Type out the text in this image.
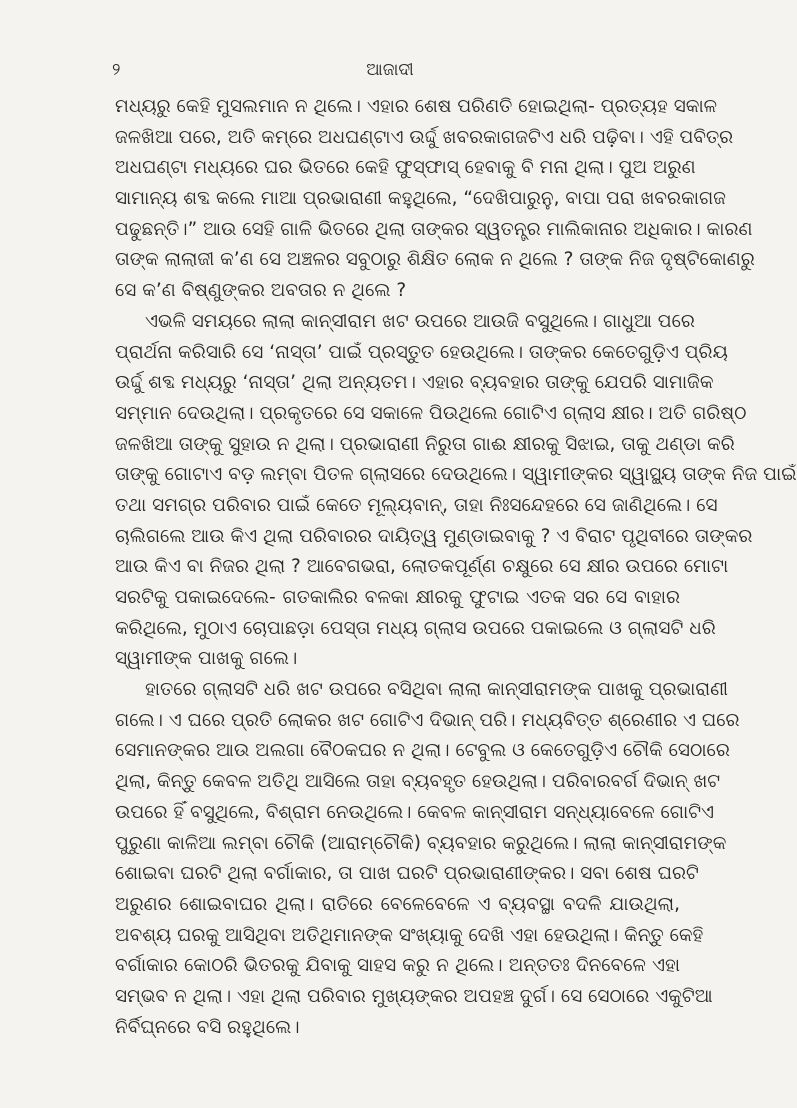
୨	ଆଜାଦୀ
ମଧ୍ୟରୁ କେହି ମୁସଲମାନ ନ ଥିଲେ। ଏହାର ଶେଷ ପରିଣତି ହୋଇଥିଲା- ପ୍ରତ୍ୟହ ସକାଳ
ଜଳଖିଆ ପରେ, ଅତି କମ୍‌ରେ ଅଧଘଣ୍ଟାଏ ଉର୍ଦ୍ଦୁ ଖବରକାଗଜଟିଏ ଧରି ପଢ଼ିବା। ଏହି ପବିତ୍ର
ଅଧଘଣ୍ଟା ମଧ୍ୟରେ ଘର ଭିତରେ କେହି ଫୁସ୍‌ଫାସ୍ ହେବାକୁ ବି ମନା ଥିଲା। ପୁଅ ଅରୁଣ
ସାମାନ୍ୟ ଶବ୍ଦ କଲେ ମାଆ ପ୍ରଭାରାଣୀ କହୁଥିଲେ, “ଦେଖିପାରୁନୁ, ବାପା ପରା ଖବରକାଗଜ
ପଢୁଛନ୍ତି।” ଆଉ ସେହି ଗାଳି ଭିତରେ ଥିଲା ତାଙ୍କର ସ୍ୱତନ୍ତ୍ର ମାଲିକାନାର ଅଧିକାର। କାରଣ
ତାଙ୍କ ଲାଲାଜୀ କ’ଣ ସେ ଅଞ୍ଚଳର ସବୁଠାରୁ ଶିକ୍ଷିତ ଲୋକ ନ ଥିଲେ ? ତାଙ୍କ ନିଜ ଦୃଷ୍ଟିକୋଣରୁ
ସେ କ’ଣ ବିଷ୍ଣୁଙ୍କର ଅବତାର ନ ଥିଲେ ?
ଏଭଳି ସମୟରେ ଲାଲା କାନ୍‌ସୀରାମ ଖଟ ଉପରେ ଆଉଜି ବସୁଥିଲେ। ଗାଧୁଆ ପରେ
ପ୍ରାର୍ଥନା କରିସାରି ସେ ‘ନାସ୍ତା’ ପାଇଁ ପ୍ରସ୍ତୁତ ହେଉଥିଲେ। ତାଙ୍କର କେତେଗୁଡ଼ିଏ ପ୍ରିୟ
ଉର୍ଦ୍ଦୁ ଶବ୍ଦ ମଧ୍ୟରୁ ‘ନାସ୍ତା’ ଥିଲା ଅନ୍ୟତମ। ଏହାର ବ୍ୟବହାର ତାଙ୍କୁ ଯେପରି ସାମାଜିକ
ସମ୍ମାନ ଦେଉଥିଲା। ପ୍ରକୃତରେ ସେ ସକାଳେ ପିଉଥିଲେ ଗୋଟିଏ ଗ୍ଲାସ କ୍ଷୀର। ଅତି ଗରିଷ୍ଠ
ଜଳଖିଆ ତାଙ୍କୁ ସୁହାଉ ନ ଥିଲା। ପ୍ରଭାରାଣୀ ନିରୁତା ଗାଈ କ୍ଷୀରକୁ ସିଝାଇ, ତାକୁ ଥଣ୍ଡା କରି
ତାଙ୍କୁ ଗୋଟାଏ ବଡ଼ ଲମ୍ବା ପିତଳ ଗ୍ଲାସରେ ଦେଉଥିଲେ। ସ୍ୱାମୀଙ୍କର ସ୍ୱାସ୍ଥ୍ୟ ତାଙ୍କ ନିଜ ପାଇଁ
ତଥା ସମଗ୍ର ପରିବାର ପାଇଁ କେତେ ମୂଲ୍ୟବାନ୍, ତାହା ନିଃସନ୍ଦେହରେ ସେ ଜାଣିଥିଲେ। ସେ
ଚାଲିଗଲେ ଆଉ କିଏ ଥିଲା ପରିବାରର ଦାୟିତ୍ୱ ମୁଣ୍ଡାଇବାକୁ ? ଏ ବିରାଟ ପୃଥିବୀରେ ତାଙ୍କର
ଆଉ କିଏ ବା ନିଜର ଥିଲା ? ଆବେଗଭରା, ଲୋତକପୂର୍ଣ୍ଣ ଚକ୍ଷୁରେ ସେ କ୍ଷୀର ଉପରେ ମୋଟା
ସରଟିକୁ ପକାଇଦେଲେ- ଗତକାଲିର ବଳକା କ୍ଷୀରକୁ ଫୁଟାଇ ଏତକ ସର ସେ ବାହାର
କରିଥିଲେ, ମୁଠାଏ ଚୋପାଛଡ଼ା ପେସ୍ତା ମଧ୍ୟ ଗ୍ଲାସ ଉପରେ ପକାଇଲେ ଓ ଗ୍ଲାସଟି ଧରି
ସ୍ୱାମୀଙ୍କ ପାଖକୁ ଗଲେ।
ହାତରେ ଗ୍ଲାସଟି ଧରି ଖଟ ଉପରେ ବସିଥିବା ଲାଲା କାନ୍‌ସୀରାମଙ୍କ ପାଖକୁ ପ୍ରଭାରାଣୀ
ଗଲେ। ଏ ଘରେ ପ୍ରତି ଲୋକର ଖଟ ଗୋଟିଏ ଦିଭାନ୍ ପରି। ମଧ୍ୟବିତ୍ତ ଶ୍ରେଣୀର ଏ ଘରେ
ସେମାନଙ୍କର ଆଉ ଅଲଗା ବୈଠକଘର ନ ଥିଲା। ଟେବୁଲ ଓ କେତେଗୁଡ଼ିଏ ଚୌକି ସେଠାରେ
ଥିଲା, କିନ୍ତୁ କେବଳ ଅତିଥି ଆସିଲେ ତାହା ବ୍ୟବହୃତ ହେଉଥିଲା। ପରିବାରବର୍ଗ ଦିଭାନ୍ ଖଟ
ଉପରେ ହିଁ ବସୁଥିଲେ, ବିଶ୍ରାମ ନେଉଥିଲେ। କେବଳ କାନ୍‌ସୀରାମ ସନ୍ଧ୍ୟାବେଳେ ଗୋଟିଏ
ପୁରୁଣା କାଳିଆ ଲମ୍ବା ଚୌକି (ଆରାମ୍‌ଚୌକି) ବ୍ୟବହାର କରୁଥିଲେ। ଲାଲା କାନ୍‌ସୀରାମଙ୍କ
ଶୋଇବା ଘରଟି ଥିଲା ବର୍ଗାକାର, ତା ପାଖ ଘରଟି ପ୍ରଭାରାଣୀଙ୍କର। ସବା ଶେଷ ଘରଟି
ଅରୁଣର ଶୋଇବାଘର ଥିଲା। ରାତିରେ ବେଳେବେଳେ ଏ ବ୍ୟବସ୍ଥା ବଦଳି ଯାଉଥିଲା,
ଅବଶ୍ୟ ଘରକୁ ଆସିଥିବା ଅତିଥିମାନଙ୍କ ସଂଖ୍ୟାକୁ ଦେଖି ଏହା ହେଉଥିଲା। କିନ୍ତୁ କେହି
ବର୍ଗାକାର କୋଠରି ଭିତରକୁ ଯିବାକୁ ସାହସ କରୁ ନ ଥିଲେ। ଅନ୍ତତଃ ଦିନବେଳେ ଏହା
ସମ୍ଭବ ନ ଥିଲା। ଏହା ଥିଲା ପରିବାର ମୁଖ୍ୟଙ୍କର ଅପହଞ୍ଚ ଦୁର୍ଗ। ସେ ସେଠାରେ ଏକୁଟିଆ
ନିର୍ବିଘ୍ନରେ ବସି ରହୁଥିଲେ।
